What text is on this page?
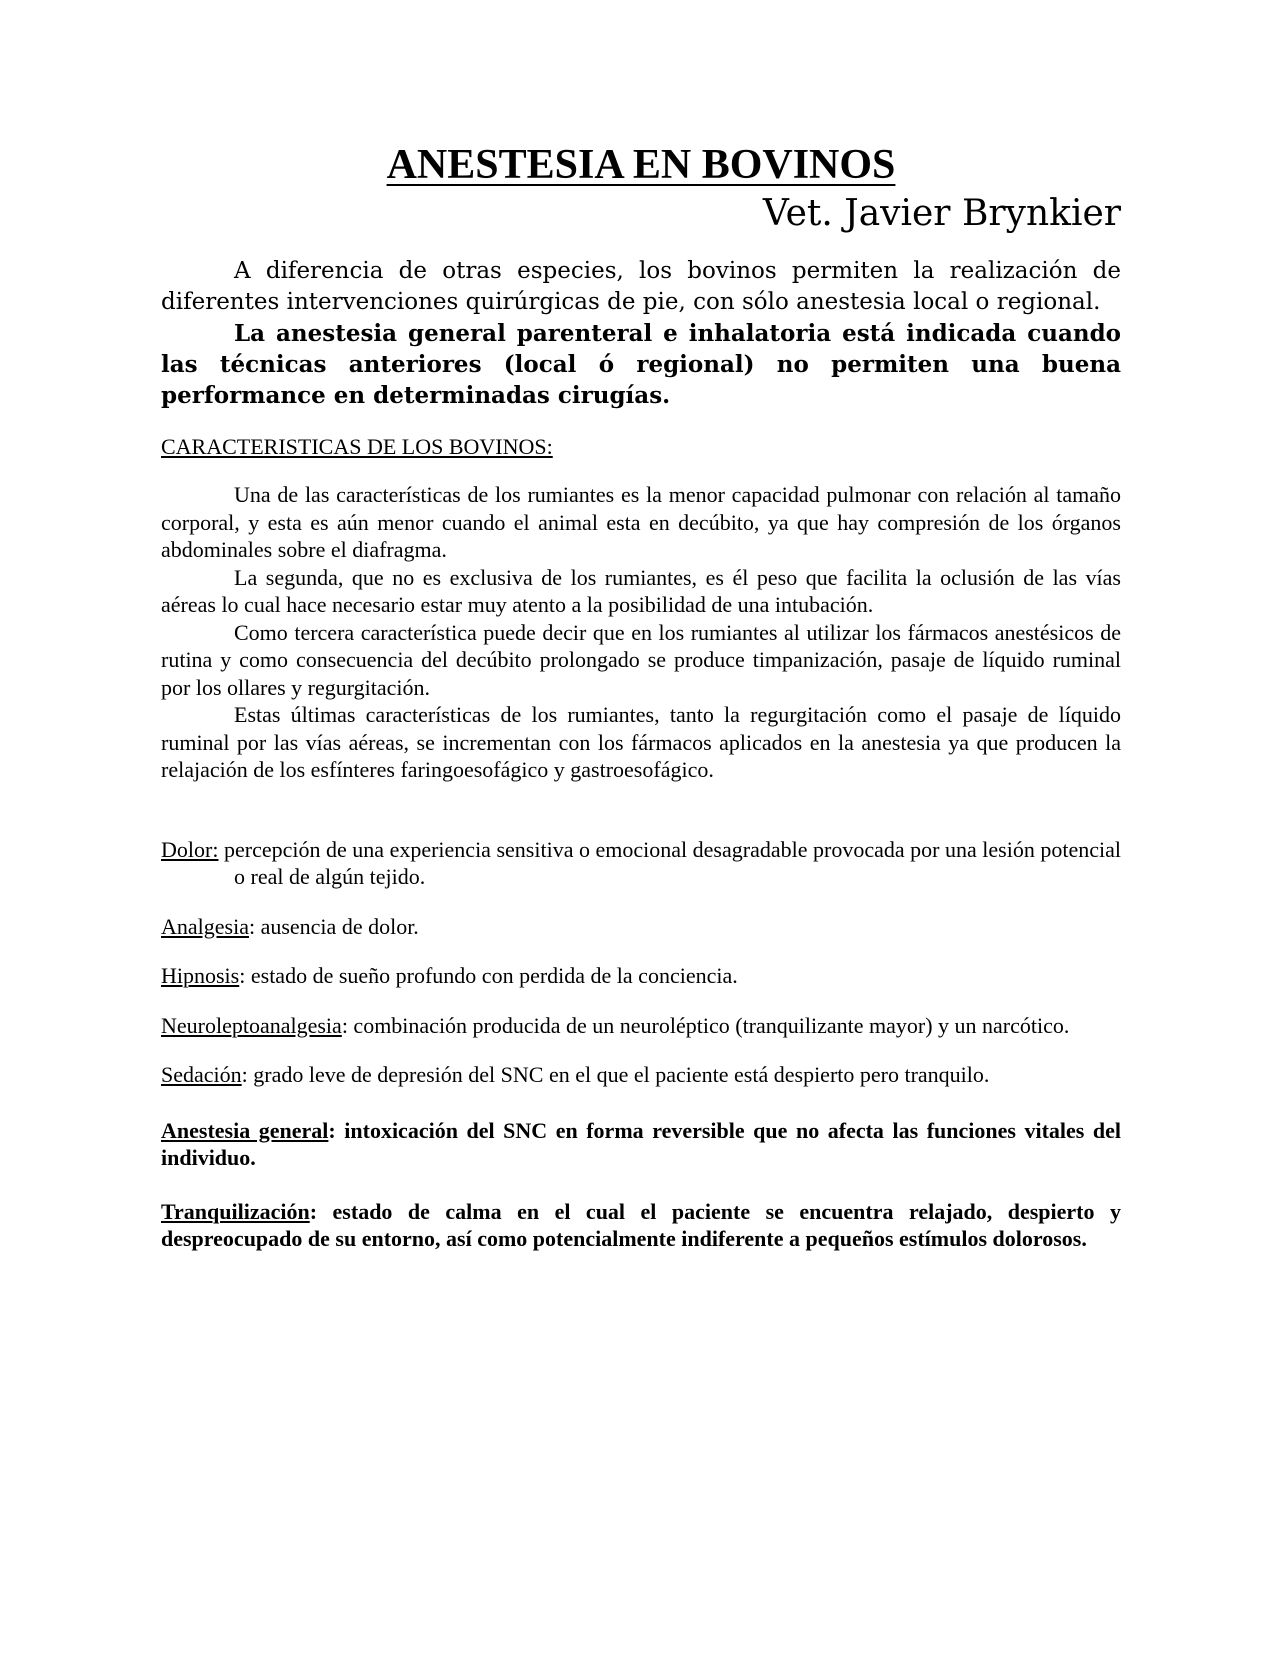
ANESTESIA EN BOVINOS
Vet. Javier Brynkier

A diferencia de otras especies, los bovinos permiten la realización de diferentes intervenciones quirúrgicas de pie, con sólo anestesia local o regional.

La anestesia general parenteral e inhalatoria está indicada cuando las técnicas anteriores (local ó regional) no permiten una buena performance en determinadas cirugías.

CARACTERISTICAS DE LOS BOVINOS:

Una de las características de los rumiantes es la menor capacidad pulmonar con relación al tamaño corporal, y esta es aún menor cuando el animal esta en decúbito, ya que hay compresión de los órganos abdominales sobre el diafragma.

La segunda, que no es exclusiva de los rumiantes, es él peso que facilita la oclusión de las vías aéreas lo cual hace necesario estar muy atento a la posibilidad de una intubación.

Como tercera característica puede decir que en los rumiantes al utilizar los fármacos anestésicos de rutina y como consecuencia del decúbito prolongado se produce timpanización, pasaje de líquido ruminal por los ollares y regurgitación.

Estas últimas características de los rumiantes, tanto la regurgitación como el pasaje de líquido ruminal por las vías aéreas, se incrementan con los fármacos aplicados en la anestesia ya que producen la relajación de los esfínteres faringoesofágico y gastroesofágico.

Dolor: percepción de una experiencia sensitiva o emocional desagradable provocada por una lesión potencial o real de algún tejido.

Analgesia: ausencia de dolor.

Hipnosis: estado de sueño profundo con perdida de la conciencia.

Neuroleptoanalgesia: combinación producida de un neuroléptico (tranquilizante mayor) y un narcótico.

Sedación: grado leve de depresión del SNC en el que el paciente está despierto pero tranquilo.

Anestesia general: intoxicación del SNC en forma reversible que no afecta las funciones vitales del individuo.

Tranquilización: estado de calma en el cual el paciente se encuentra relajado, despierto y despreocupado de su entorno, así como potencialmente indiferente a pequeños estímulos dolorosos.
